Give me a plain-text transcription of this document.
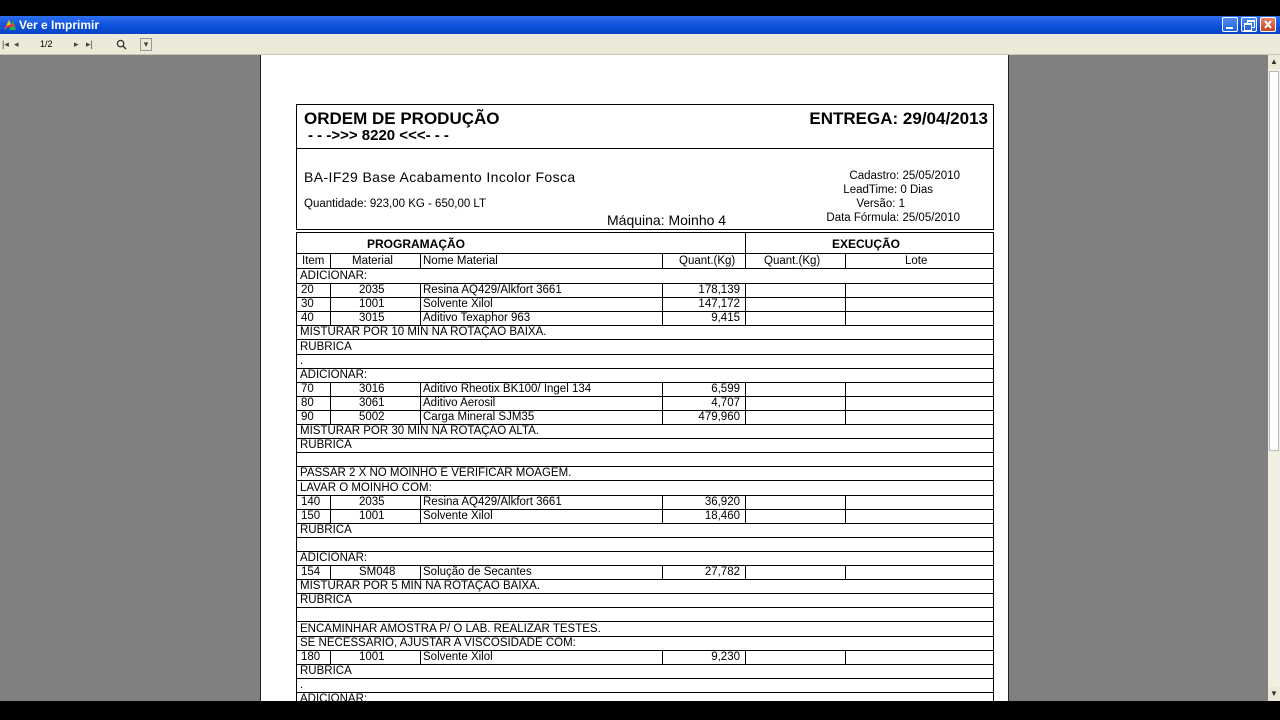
Ver e Imprimir
|◂ ◂ 1/2 ▸ ▸|	▾
ORDEM DE PRODUÇÃO
- - ->>> 8220 <<<- - -
ENTREGA: 29/04/2013
BA-IF29 Base Acabamento Incolor Fosca
Quantidade: 923,00 KG - 650,00 LT
Máquina: Moinho 4
Cadastro: 25/05/2010
LeadTime: 0 Dias
Versão: 1
Data Fórmula: 25/05/2010
PROGRAMAÇÃO	EXECUÇÃO
Item Material	Nome Material	Quant.(Kg)	Quant.(Kg)	Lote
ADICIONAR:
20	2035	Resina AQ429/Alkfort 3661	178,139
30	1001	Solvente Xilol	147,172
40	3015	Aditivo Texaphor 963	9,415
MISTURAR POR 10 MIN NA ROTAÇÃO BAIXA.
RUBRICA
.
ADICIONAR:
70	3016	Aditivo Rheotix BK100/ Ingel 134	6,599
80	3061	Aditivo Aerosil	4,707
90	5002	Carga Mineral SJM35	479,960
MISTURAR POR 30 MIN NA ROTAÇÃO ALTA.
RUBRICA
PASSAR 2 X NO MOINHO E VERIFICAR MOAGEM.
LAVAR O MOINHO COM:
140	2035	Resina AQ429/Alkfort 3661	36,920
150	1001	Solvente Xilol	18,460
RUBRICA
ADICIONAR:
154	SM048 Solução de Secantes	27,782
MISTURAR POR 5 MIN NA ROTAÇÃO BAIXA.
RUBRICA
ENCAMINHAR AMOSTRA P/ O LAB. REALIZAR TESTES.
SE NECESSÁRIO, AJUSTAR A VISCOSIDADE COM:
180	1001	Solvente Xilol	9,230
RUBRICA
.
ADICIONAR:
▲
▼
